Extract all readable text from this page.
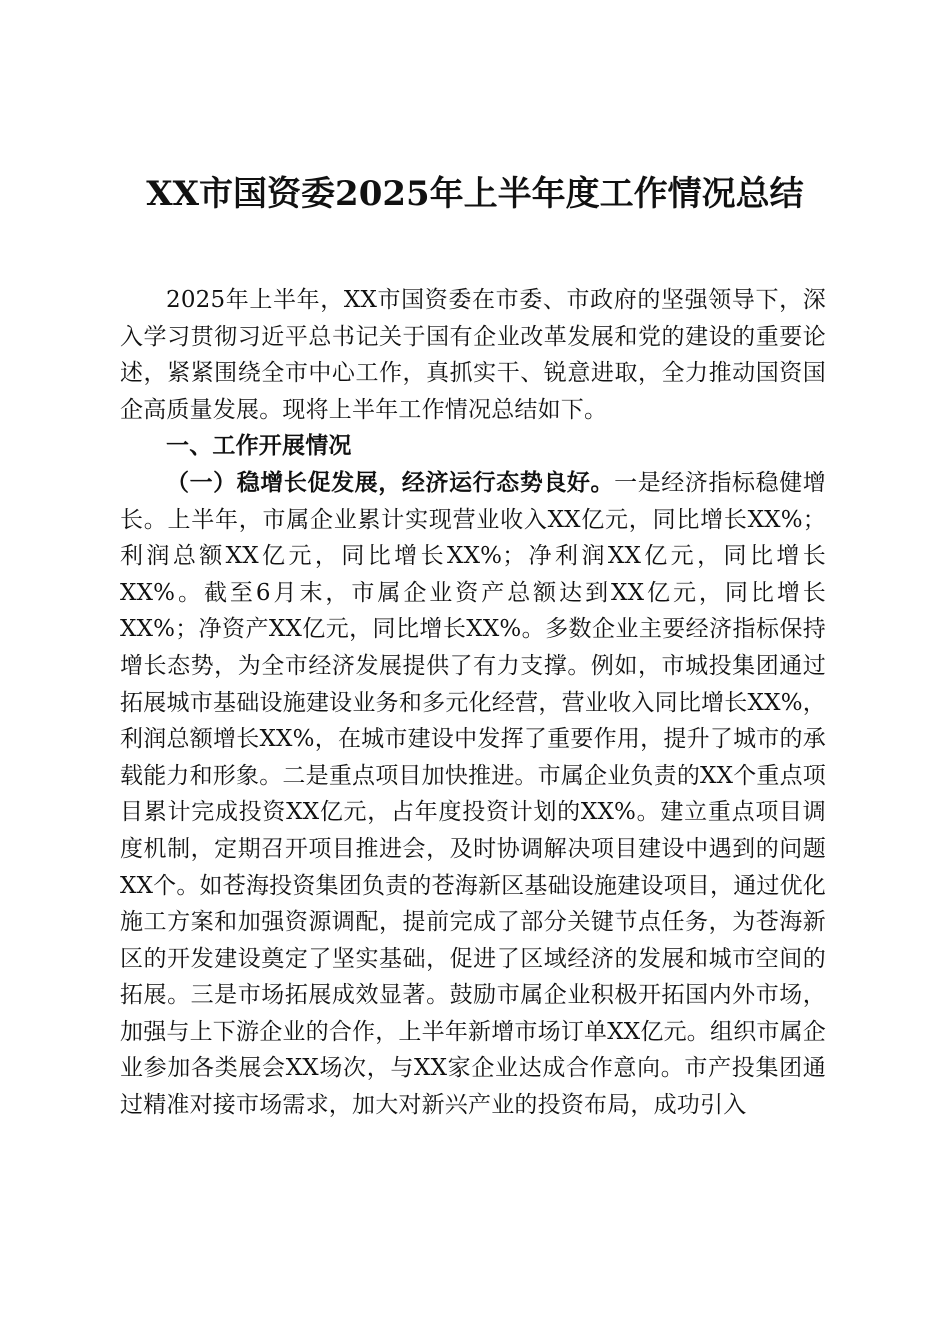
XX市国资委2025年上半年度工作情况总结

2025年上半年，XX市国资委在市委、市政府的坚强领导下，深入学习贯彻习近平总书记关于国有企业改革发展和党的建设的重要论述，紧紧围绕全市中心工作，真抓实干、锐意进取，全力推动国资国企高质量发展。现将上半年工作情况总结如下。

一、工作开展情况

（一）稳增长促发展，经济运行态势良好。一是经济指标稳健增长。上半年，市属企业累计实现营业收入XX亿元，同比增长XX%；利润总额XX亿元，同比增长XX%；净利润XX亿元，同比增长XX%。截至6月末，市属企业资产总额达到XX亿元，同比增长XX%；净资产XX亿元，同比增长XX%。多数企业主要经济指标保持增长态势，为全市经济发展提供了有力支撑。例如，市城投集团通过拓展城市基础设施建设业务和多元化经营，营业收入同比增长XX%，利润总额增长XX%，在城市建设中发挥了重要作用，提升了城市的承载能力和形象。二是重点项目加快推进。市属企业负责的XX个重点项目累计完成投资XX亿元，占年度投资计划的XX%。建立重点项目调度机制，定期召开项目推进会，及时协调解决项目建设中遇到的问题XX个。如苍海投资集团负责的苍海新区基础设施建设项目，通过优化施工方案和加强资源调配，提前完成了部分关键节点任务，为苍海新区的开发建设奠定了坚实基础，促进了区域经济的发展和城市空间的拓展。三是市场拓展成效显著。鼓励市属企业积极开拓国内外市场，加强与上下游企业的合作，上半年新增市场订单XX亿元。组织市属企业参加各类展会XX场次，与XX家企业达成合作意向。市产投集团通过精准对接市场需求，加大对新兴产业的投资布局，成功引入
